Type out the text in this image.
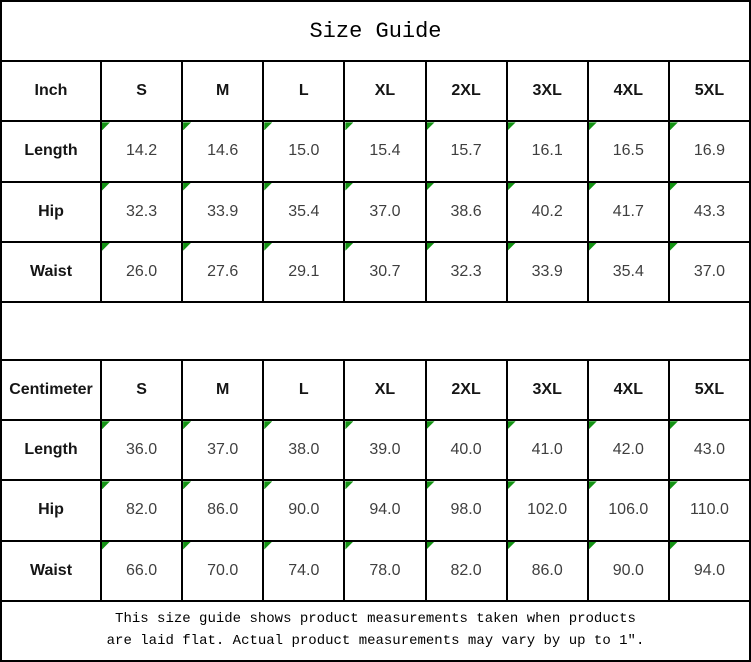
Size Guide								
Inch	S	M	L	XL	2XL	3XL	4XL	5XL
Length	14.2	14.6	15.0	15.4	15.7	16.1	16.5	16.9
Hip	32.3	33.9	35.4	37.0	38.6	40.2	41.7	43.3
Waist	26.0	27.6	29.1	30.7	32.3	33.9	35.4	37.0

Centimeter	S	M	L	XL	2XL	3XL	4XL	5XL
Length	36.0	37.0	38.0	39.0	40.0	41.0	42.0	43.0
Hip	82.0	86.0	90.0	94.0	98.0	102.0	106.0	110.0
Waist	66.0	70.0	74.0	78.0	82.0	86.0	90.0	94.0

This size guide shows product measurements taken when products
are laid flat. Actual product measurements may vary by up to 1″.								
